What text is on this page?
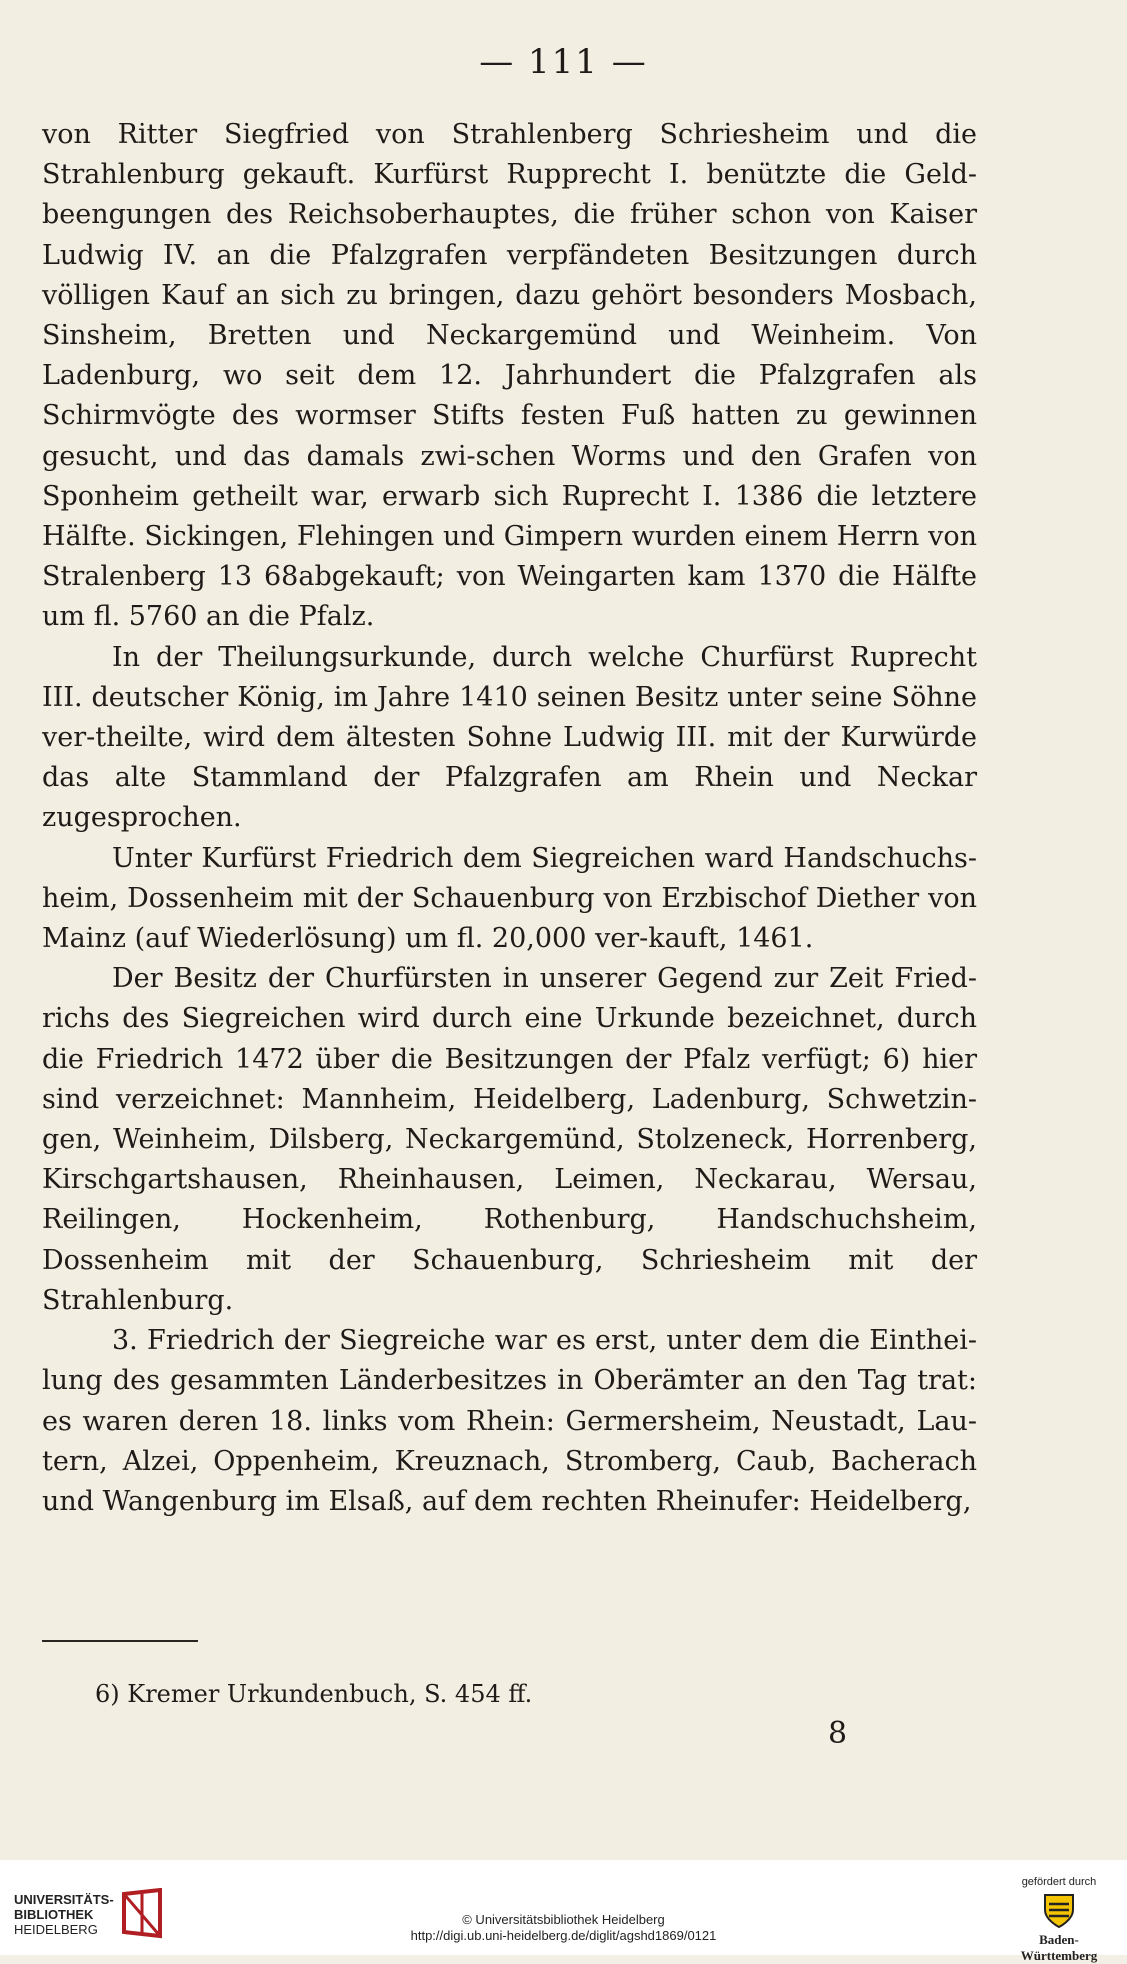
— 111 —

von Ritter Siegfried von Strahlenberg Schriesheim und die Strahlenburg gekauft. Kurfürst Rupprecht I. benützte die Geld-beengungen des Reichsoberhauptes, die früher schon von Kaiser Ludwig IV. an die Pfalzgrafen verpfändeten Besitzungen durch völligen Kauf an sich zu bringen, dazu gehört besonders Mosbach, Sinsheim, Bretten und Neckargemünd und Weinheim. Von Ladenburg, wo seit dem 12. Jahrhundert die Pfalzgrafen als Schirmvögte des wormser Stifts festen Fuß hatten zu gewinnen gesucht, und das damals zwi-schen Worms und den Grafen von Sponheim getheilt war, erwarb sich Ruprecht I. 1386 die letztere Hälfte. Sickingen, Flehingen und Gimpern wurden einem Herrn von Stralenberg 13 68abgekauft; von Weingarten kam 1370 die Hälfte um fl. 5760 an die Pfalz.

In der Theilungsurkunde, durch welche Churfürst Ruprecht III. deutscher König, im Jahre 1410 seinen Besitz unter seine Söhne ver-theilte, wird dem ältesten Sohne Ludwig III. mit der Kurwürde das alte Stammland der Pfalzgrafen am Rhein und Neckar zugesprochen.

Unter Kurfürst Friedrich dem Siegreichen ward Handschuchs-heim, Dossenheim mit der Schauenburg von Erzbischof Diether von Mainz (auf Wiederlösung) um fl. 20,000 ver-kauft, 1461.

Der Besitz der Churfürsten in unserer Gegend zur Zeit Fried-richs des Siegreichen wird durch eine Urkunde bezeichnet, durch die Friedrich 1472 über die Besitzungen der Pfalz verfügt; 6) hier sind verzeichnet: Mannheim, Heidelberg, Ladenburg, Schwetzin-gen, Weinheim, Dilsberg, Neckargemünd, Stolzeneck, Horrenberg, Kirschgartshausen, Rheinhausen, Leimen, Neckarau, Wersau, Reilingen, Hockenheim, Rothenburg, Handschuchsheim, Dossenheim mit der Schauenburg, Schriesheim mit der Strahlenburg.

3. Friedrich der Siegreiche war es erst, unter dem die Einthei-lung des gesammten Länderbesitzes in Oberämter an den Tag trat: es waren deren 18. links vom Rhein: Germersheim, Neustadt, Lau-tern, Alzei, Oppenheim, Kreuznach, Stromberg, Caub, Bacherach und Wangenburg im Elsaß, auf dem rechten Rheinufer: Heidelberg,

6) Kremer Urkundenbuch, S. 454 ff.
8
UNIVERSITÄTS-
BIBLIOTHEK
HEIDELBERG
© Universitätsbibliothek Heidelberg
http://digi.ub.uni-heidelberg.de/diglit/agshd1869/0121
gefördert durch
Baden-Württemberg
